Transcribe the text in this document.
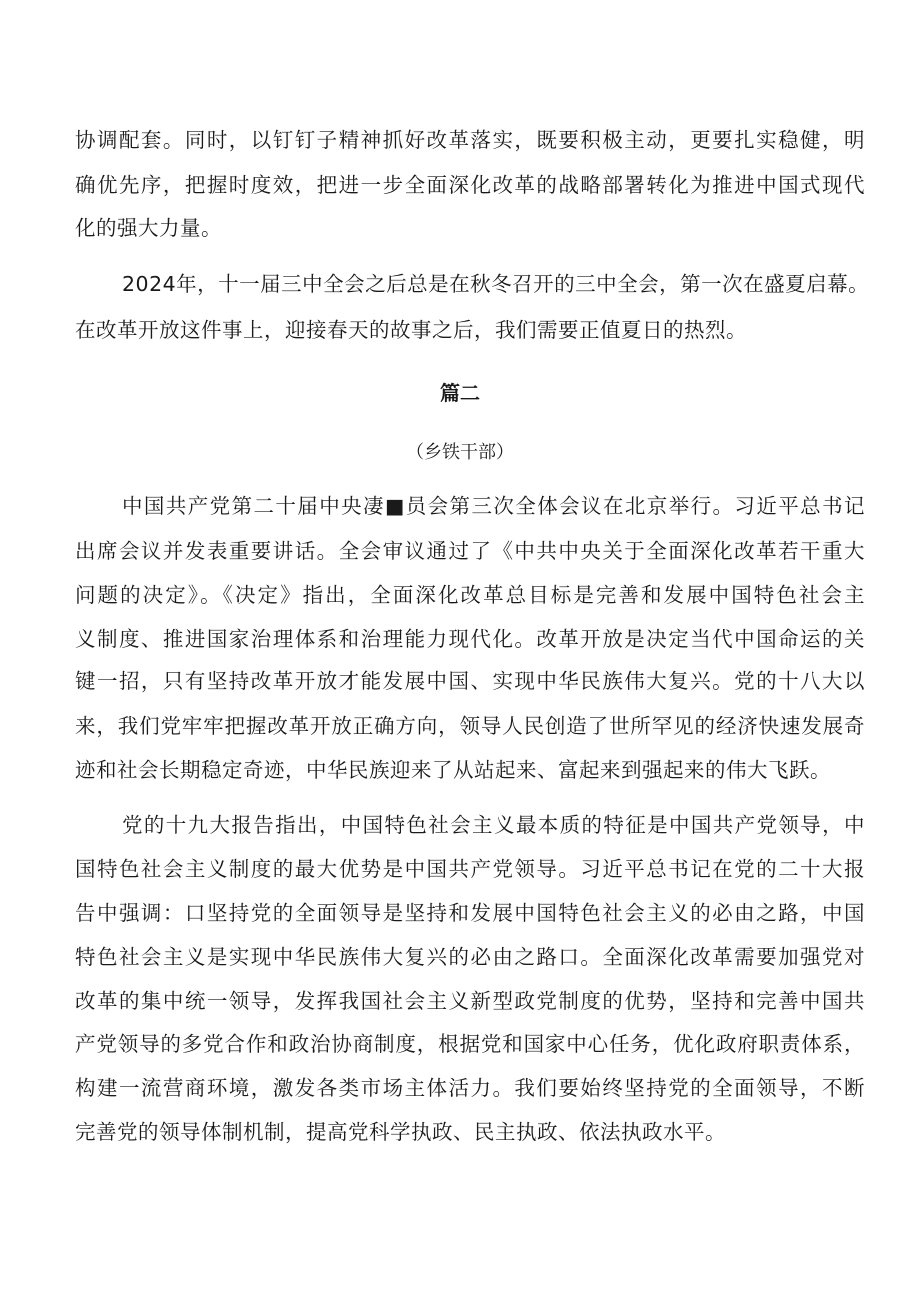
协调配套。同时，以钉钉子精神抓好改革落实，既要积极主动，更要扎实稳健，明
确优先序，把握时度效，把进一步全面深化改革的战略部署转化为推进中国式现代
化的强大力量。
2024年，十一届三中全会之后总是在秋冬召开的三中全会，第一次在盛夏启幕。
在改革开放这件事上，迎接春天的故事之后，我们需要正值夏日的热烈。
篇二
（乡铁干部）
中国共产党第二十届中央凄■员会第三次全体会议在北京举行。习近平总书记
出席会议并发表重要讲话。全会审议通过了《中共中央关于全面深化改革若干重大
问题的决定》。《决定》指出，全面深化改革总目标是完善和发展中国特色社会主
义制度、推进国家治理体系和治理能力现代化。改革开放是决定当代中国命运的关
键一招，只有坚持改革开放才能发展中国、实现中华民族伟大复兴。党的十八大以
来，我们党牢牢把握改革开放正确方向，领导人民创造了世所罕见的经济快速发展奇
迹和社会长期稳定奇迹，中华民族迎来了从站起来、富起来到强起来的伟大飞跃。
党的十九大报告指出，中国特色社会主义最本质的特征是中国共产党领导，中
国特色社会主义制度的最大优势是中国共产党领导。习近平总书记在党的二十大报
告中强调：口坚持党的全面领导是坚持和发展中国特色社会主义的必由之路，中国
特色社会主义是实现中华民族伟大复兴的必由之路口。全面深化改革需要加强党对
改革的集中统一领导，发挥我国社会主义新型政党制度的优势，坚持和完善中国共
产党领导的多党合作和政治协商制度，根据党和国家中心任务，优化政府职责体系，
构建一流营商环境，激发各类市场主体活力。我们要始终坚持党的全面领导，不断
完善党的领导体制机制，提高党科学执政、民主执政、依法执政水平。
